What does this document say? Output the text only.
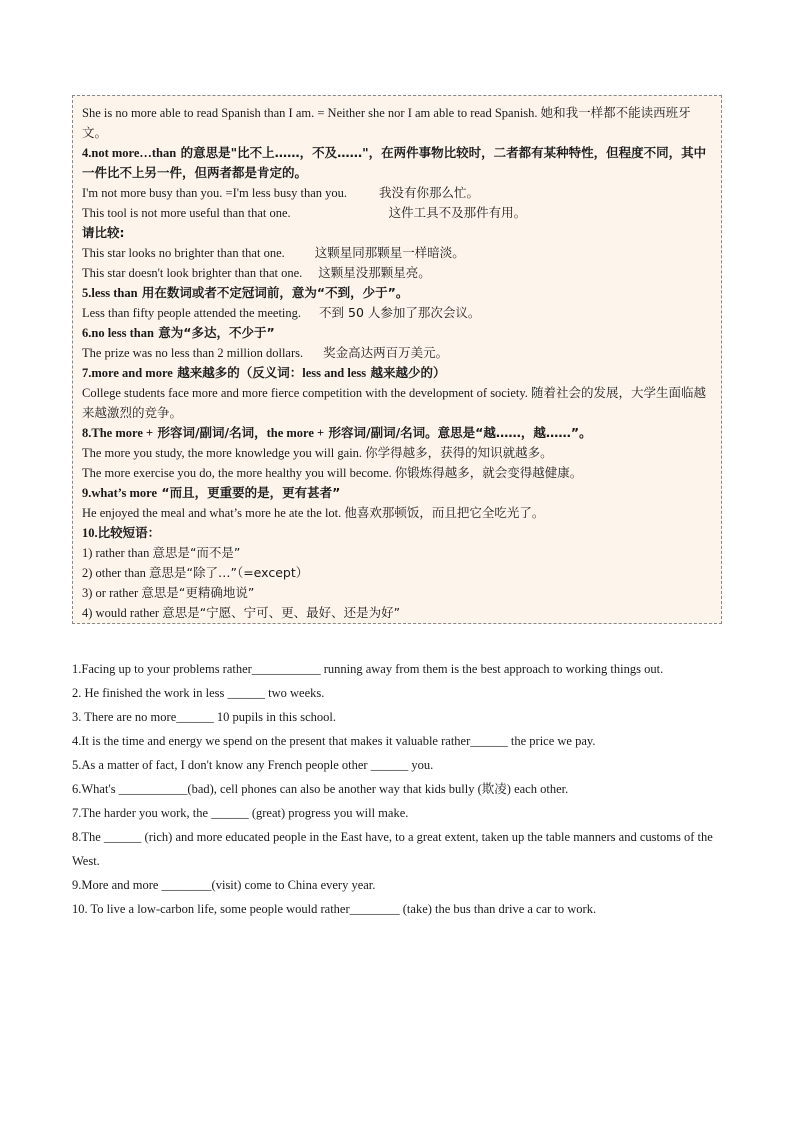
She is no more able to read Spanish than I am. = Neither she nor I am able to read Spanish. 她和我一样都不能读西班牙文。
4.not more…than 的意思是"比不上……，不及……"，在两件事物比较时，二者都有某种特性，但程度不同，其中一件比不上另一件，但两者都是肯定的。
I'm not more busy than you. =I'm less busy than you.	我没有你那么忙。
This tool is not more useful than that one.	这件工具不及那件有用。
请比较:
This star looks no brighter than that one. 这颗星同那颗星一样暗淡。
This star doesn't look brighter than that one. 这颗星没那颗星亮。
5.less than 用在数词或者不定冠词前，意为“不到，少于”。
Less than fifty people attended the meeting. 不到 50 人参加了那次会议。
6.no less than 意为“多达，不少于”
The prize was no less than 2 million dollars. 奖金高达两百万美元。
7.more and more 越来越多的（反义词：less and less 越来越少的）
College students face more and more fierce competition with the development of society. 随着社会的发展，大学生面临越来越激烈的竞争。
8.The more + 形容词/副词/名词，the more + 形容词/副词/名词。意思是“越……，越……”。
The more you study, the more knowledge you will gain. 你学得越多，获得的知识就越多。
The more exercise you do, the more healthy you will become. 你锻炼得越多，就会变得越健康。
9.what’s more “而且，更重要的是，更有甚者”
He enjoyed the meal and what’s more he ate the lot. 他喜欢那顿饭，而且把它全吃光了。
10.比较短语：
1) rather than 意思是“而不是”
2) other than 意思是“除了…”（=except）
3) or rather 意思是“更精确地说”
4) would rather 意思是“宁愿、宁可、更、最好、还是为好”

1.Facing up to your problems rather___________ running away from them is the best approach to working things out.

2. He finished the work in less ______ two weeks.

3. There are no more______ 10 pupils in this school.

4.It is the time and energy we spend on the present that makes it valuable rather______ the price we pay.

5.As a matter of fact, I don't know any French people other ______ you.

6.What's ___________(bad), cell phones can also be another way that kids bully (欺凌) each other.

7.The harder you work, the ______ (great) progress you will make.

8.The ______ (rich) and more educated people in the East have, to a great extent, taken up the table manners and customs of the West.

9.More and more ________(visit) come to China every year.

10. To live a low-carbon life, some people would rather________ (take) the bus than drive a car to work.
